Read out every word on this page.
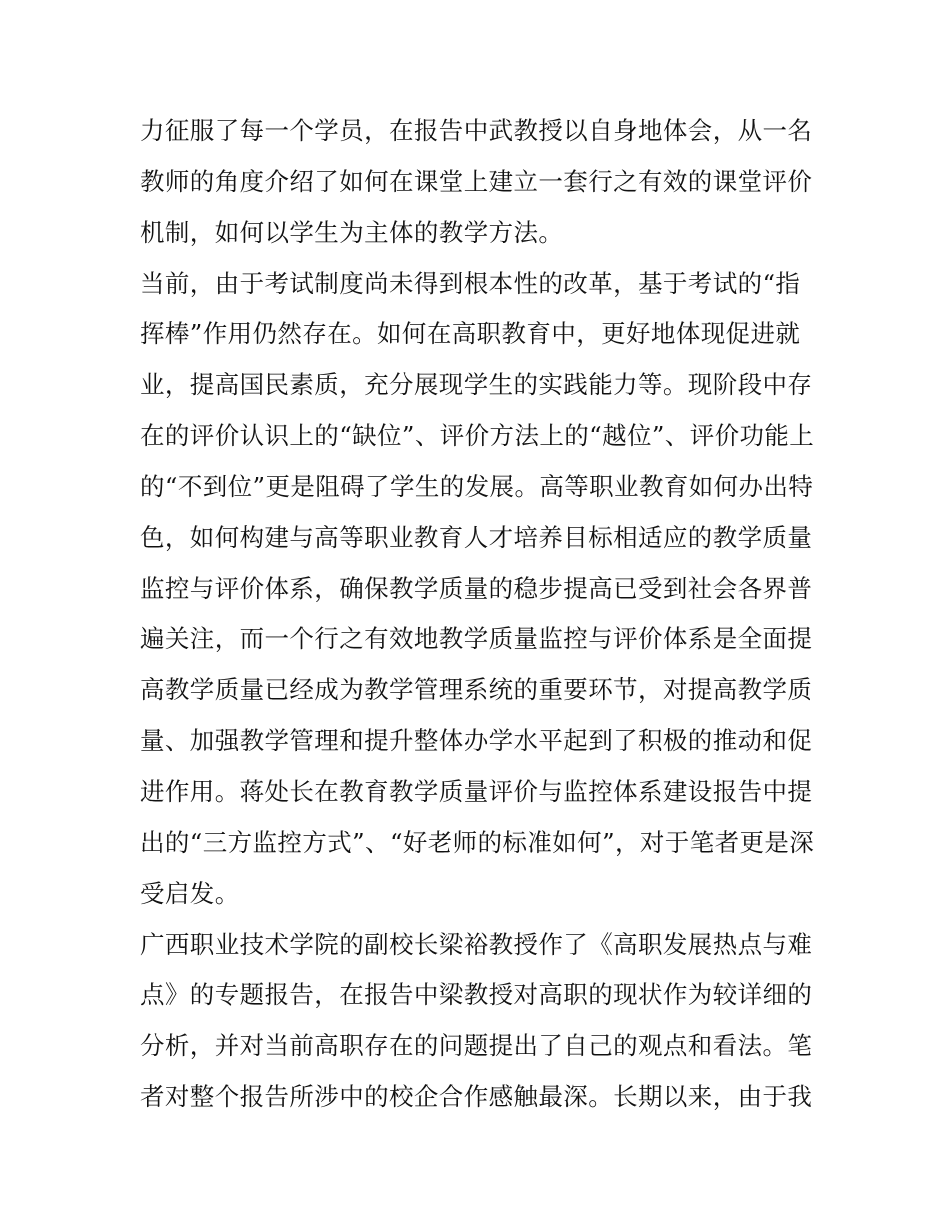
力征服了每一个学员，在报告中武教授以自身地体会，从一名
教师的角度介绍了如何在课堂上建立一套行之有效的课堂评价
机制，如何以学生为主体的教学方法。
当前，由于考试制度尚未得到根本性的改革，基于考试的“指
挥棒”作用仍然存在。如何在高职教育中，更好地体现促进就
业，提高国民素质，充分展现学生的实践能力等。现阶段中存
在的评价认识上的“缺位”、评价方法上的“越位”、评价功能上
的“不到位”更是阻碍了学生的发展。高等职业教育如何办出特
色，如何构建与高等职业教育人才培养目标相适应的教学质量
监控与评价体系，确保教学质量的稳步提高已受到社会各界普
遍关注，而一个行之有效地教学质量监控与评价体系是全面提
高教学质量已经成为教学管理系统的重要环节，对提高教学质
量、加强教学管理和提升整体办学水平起到了积极的推动和促
进作用。蒋处长在教育教学质量评价与监控体系建设报告中提
出的“三方监控方式”、“好老师的标准如何”，对于笔者更是深
受启发。
广西职业技术学院的副校长梁裕教授作了《高职发展热点与难
点》的专题报告，在报告中梁教授对高职的现状作为较详细的
分析，并对当前高职存在的问题提出了自己的观点和看法。笔
者对整个报告所涉中的校企合作感触最深。长期以来，由于我
